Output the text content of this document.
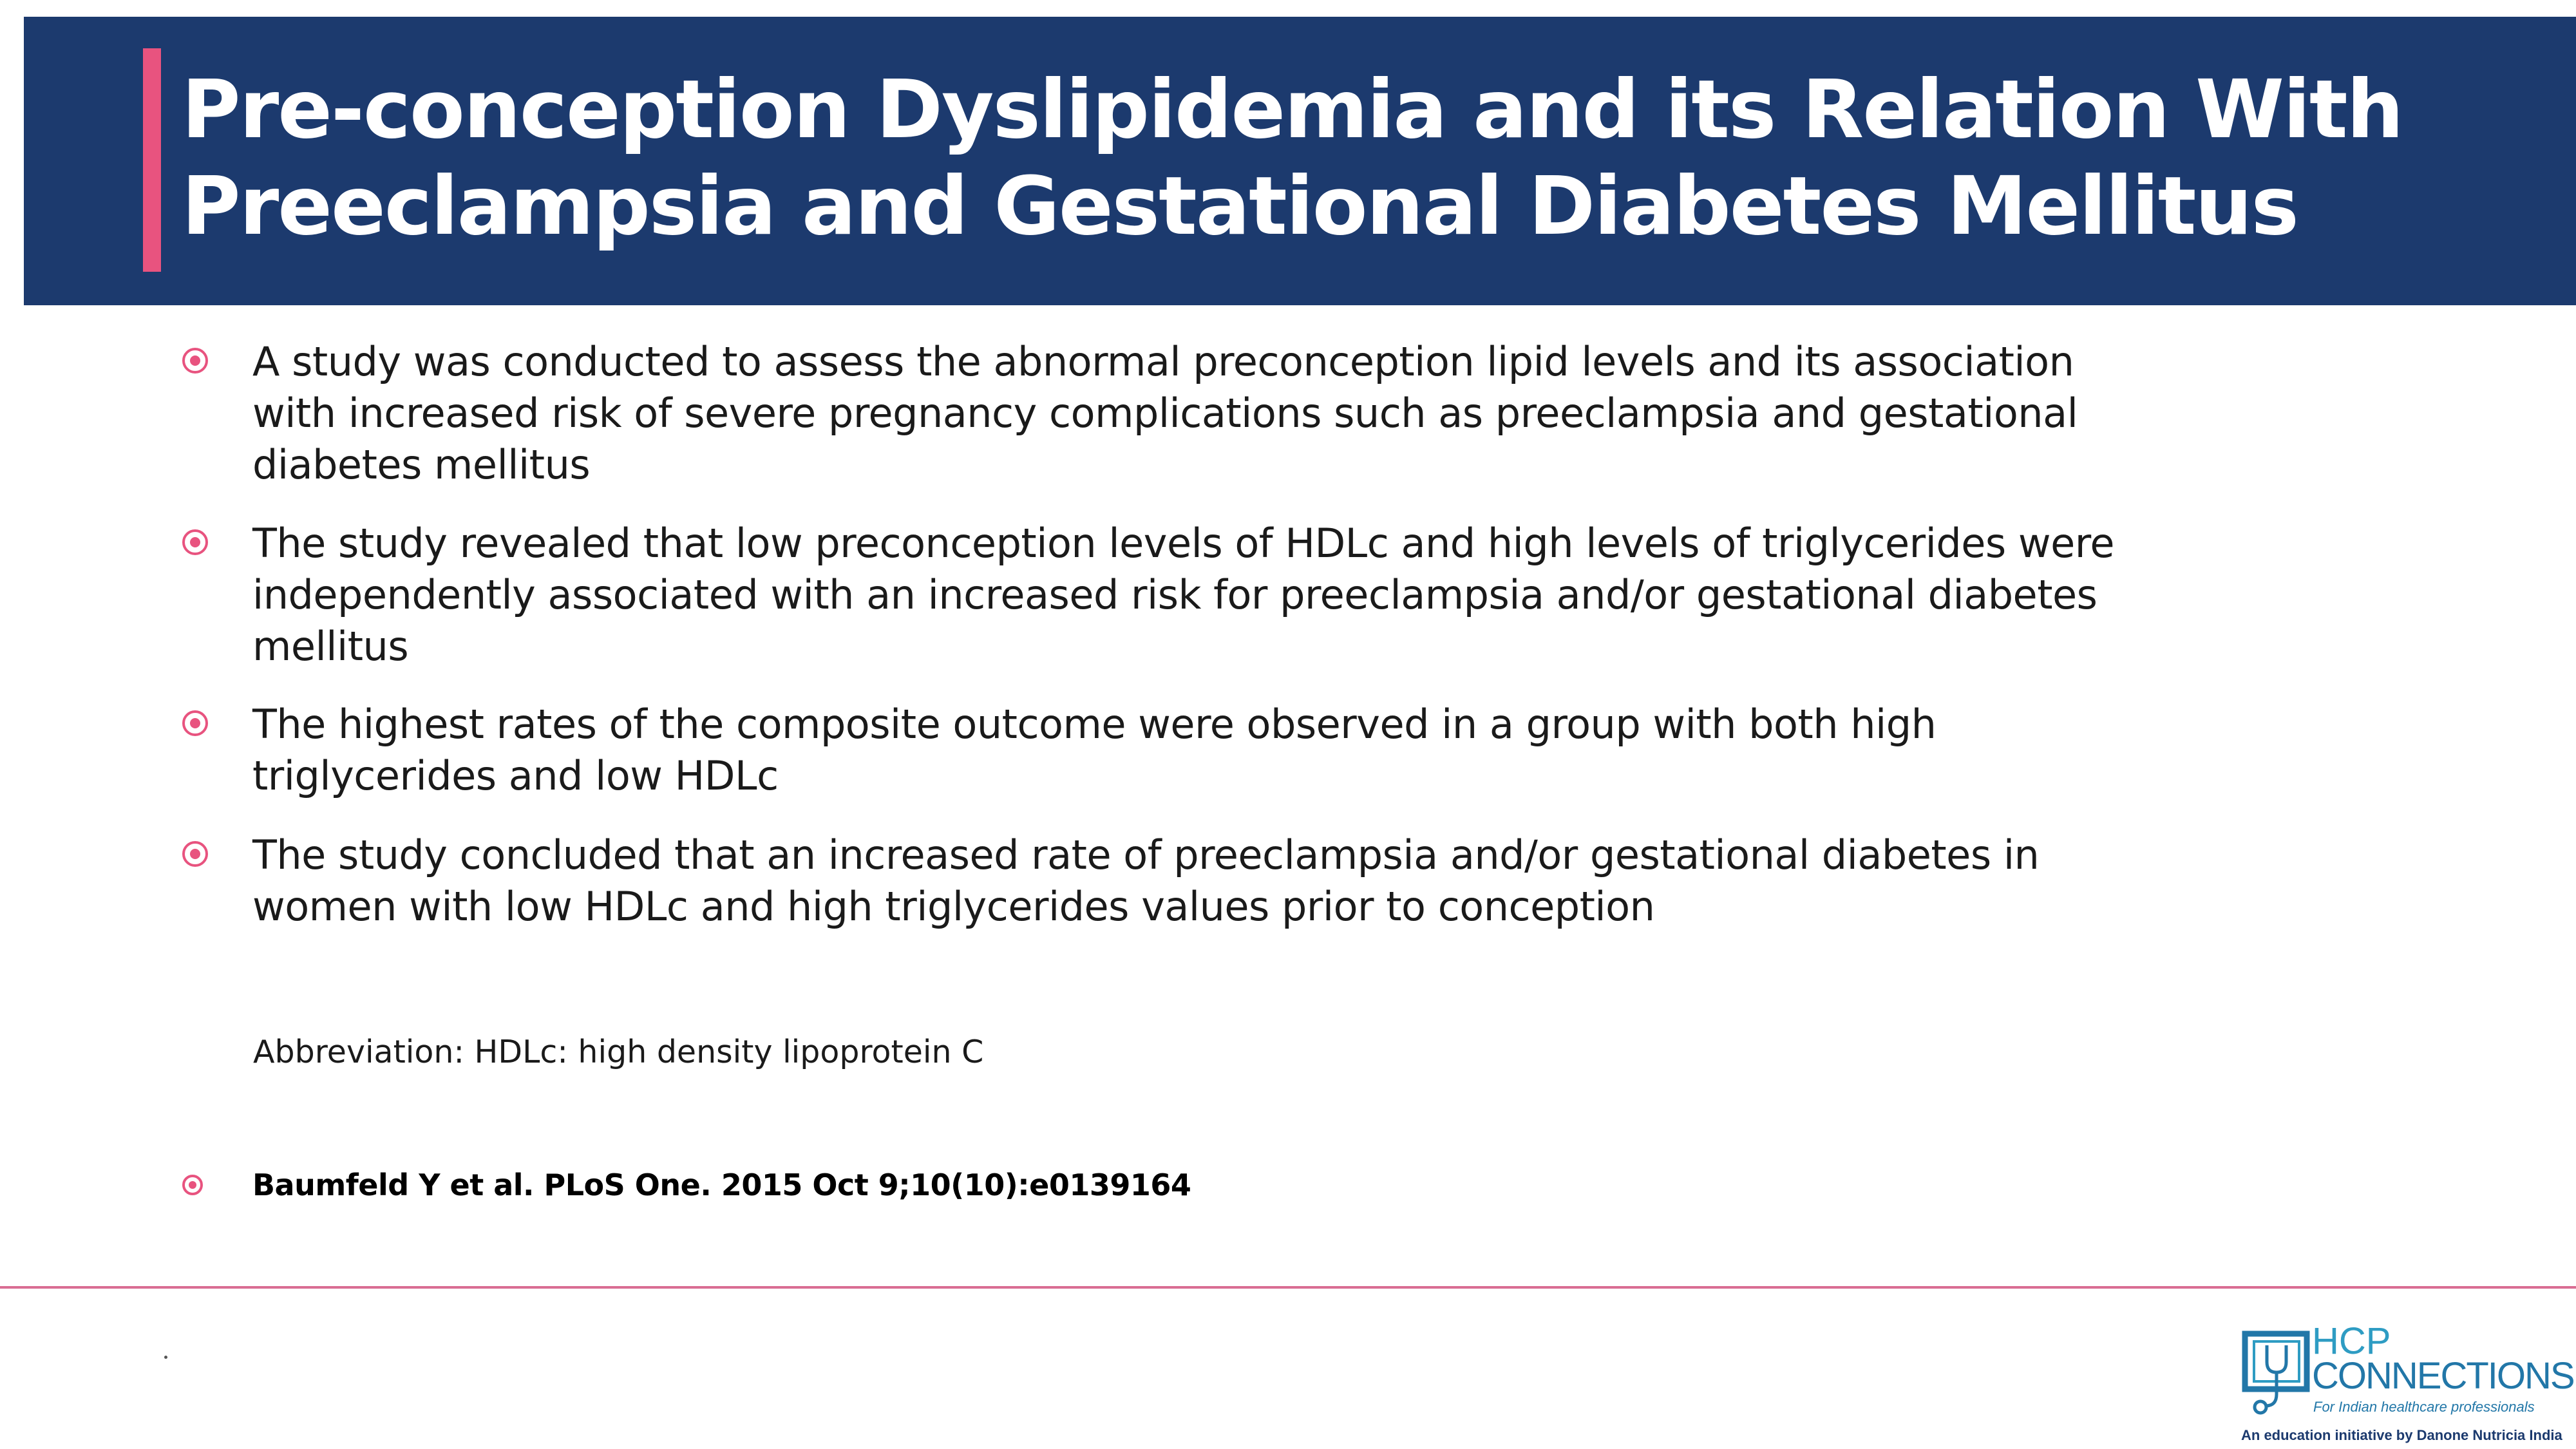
Pre-conception Dyslipidemia and its Relation With
Preeclampsia and Gestational Diabetes Mellitus
A study was conducted to assess the abnormal preconception lipid levels and its association
with increased risk of severe pregnancy complications such as preeclampsia and gestational
diabetes mellitus
The study revealed that low preconception levels of HDLc and high levels of triglycerides were
independently associated with an increased risk for preeclampsia and/or gestational diabetes
mellitus
The highest rates of the composite outcome were observed in a group with both high
triglycerides and low HDLc
The study concluded that an increased rate of preeclampsia and/or gestational diabetes in
women with low HDLc and high triglycerides values prior to conception
Abbreviation: HDLc: high density lipoprotein C
Baumfeld Y et al. PLoS One. 2015 Oct 9;10(10):e0139164
HCP
CONNECTIONS
For Indian healthcare professionals
An education initiative by Danone Nutricia India
